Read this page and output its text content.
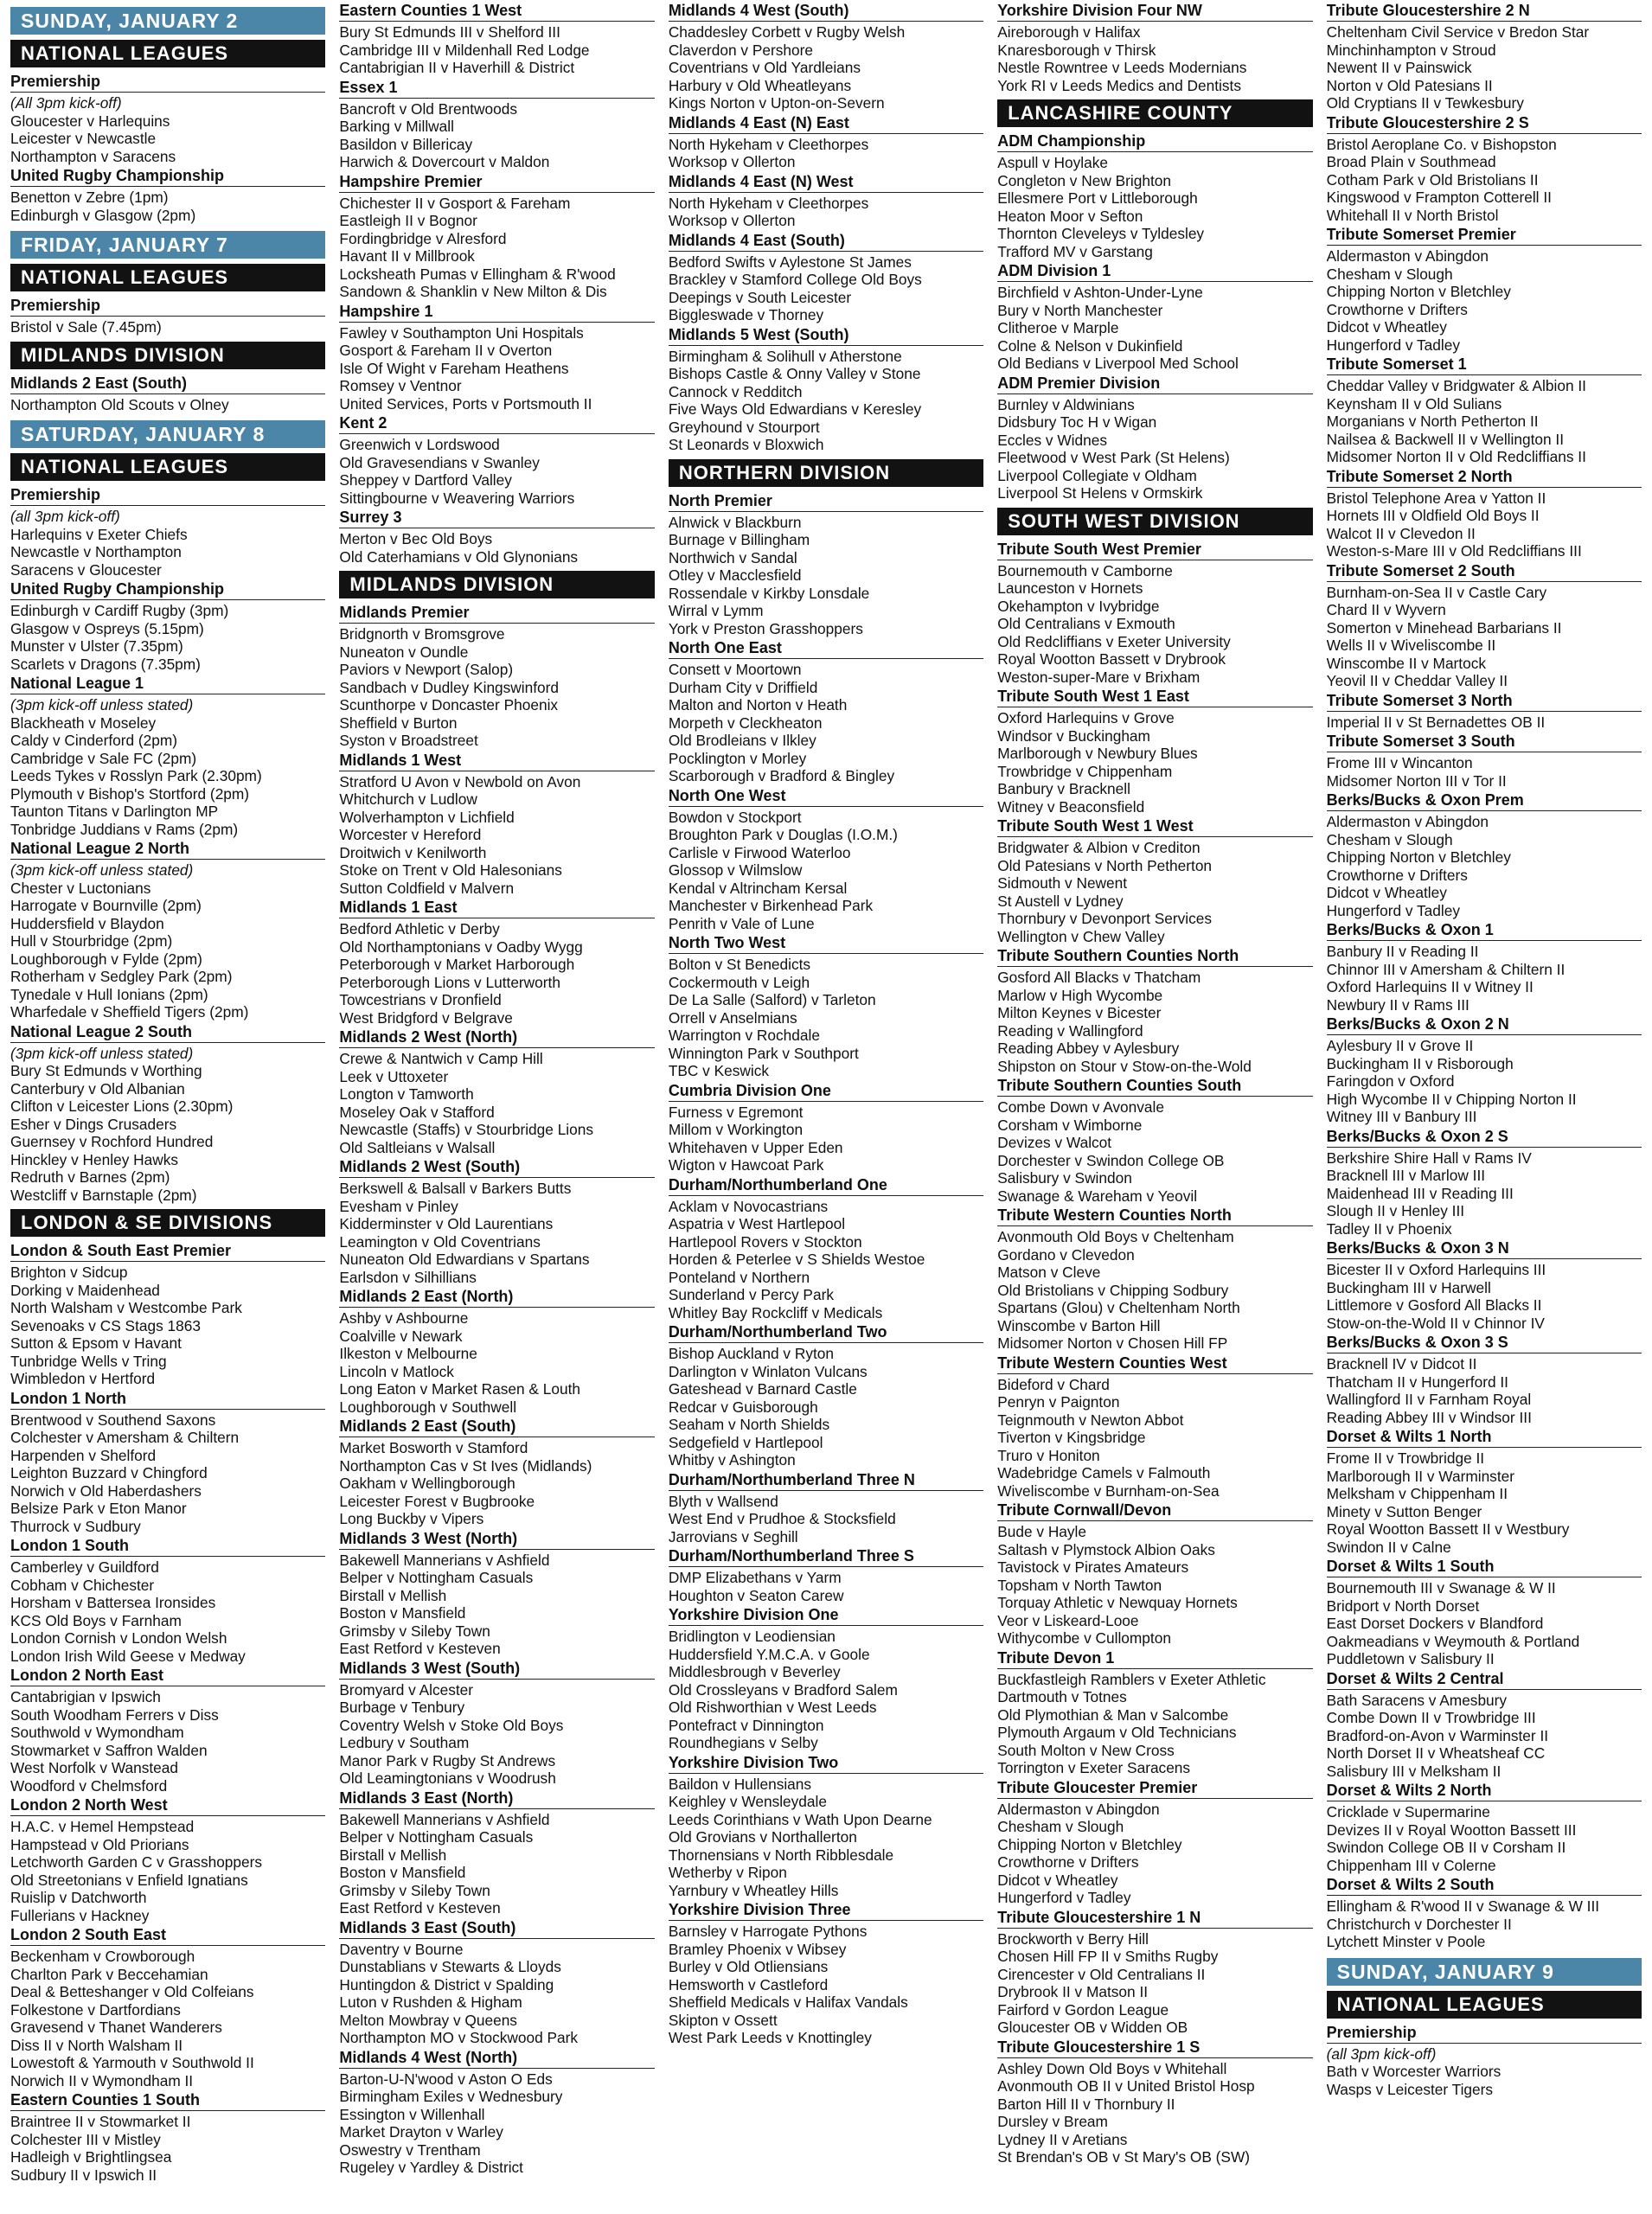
SUNDAY, JANUARY 2
NATIONAL LEAGUES
Premiership
(All 3pm kick-off)
Gloucester v Harlequins
Leicester v Newcastle
Northampton v Saracens
United Rugby Championship
Benetton v Zebre (1pm)
Edinburgh v Glasgow (2pm)
FRIDAY, JANUARY 7
NATIONAL LEAGUES
Premiership
Bristol v Sale (7.45pm)
MIDLANDS DIVISION
Midlands 2 East (South)
Northampton Old Scouts v Olney
SATURDAY, JANUARY 8
NATIONAL LEAGUES
Premiership
(all 3pm kick-off)
Harlequins v Exeter Chiefs
Newcastle v Northampton
Saracens v Gloucester
United Rugby Championship
Edinburgh v Cardiff Rugby (3pm)
Glasgow v Ospreys (5.15pm)
Munster v Ulster (7.35pm)
Scarlets v Dragons (7.35pm)
National League 1
(3pm kick-off unless stated)
Blackheath v Moseley
Caldy v Cinderford (2pm)
Cambridge v Sale FC (2pm)
Leeds Tykes v Rosslyn Park (2.30pm)
Plymouth v Bishop's Stortford (2pm)
Taunton Titans v Darlington MP
Tonbridge Juddians v Rams (2pm)
National League 2 North
(3pm kick-off unless stated)
Chester v Luctonians
Harrogate v Bournville (2pm)
Huddersfield v Blaydon
Hull v Stourbridge (2pm)
Loughborough v Fylde (2pm)
Rotherham v Sedgley Park (2pm)
Tynedale v Hull Ionians (2pm)
Wharfedale v Sheffield Tigers (2pm)
National League 2 South
(3pm kick-off unless stated)
Bury St Edmunds v Worthing
Canterbury v Old Albanian
Clifton v Leicester Lions (2.30pm)
Esher v Dings Crusaders
Guernsey v Rochford Hundred
Hinckley v Henley Hawks
Redruth v Barnes (2pm)
Westcliff v Barnstaple (2pm)
LONDON & SE DIVISIONS
London & South East Premier
Brighton v Sidcup
Dorking v Maidenhead
North Walsham v Westcombe Park
Sevenoaks v CS Stags 1863
Sutton & Epsom v Havant
Tunbridge Wells v Tring
Wimbledon v Hertford
London 1 North
Brentwood v Southend Saxons
Colchester v Amersham & Chiltern
Harpenden v Shelford
Leighton Buzzard v Chingford
Norwich v Old Haberdashers
Belsize Park v Eton Manor
Thurrock v Sudbury
London 1 South
Camberley v Guildford
Cobham v Chichester
Horsham v Battersea Ironsides
KCS Old Boys v Farnham
London Cornish v London Welsh
London Irish Wild Geese v Medway
London 2 North East
Cantabrigian v Ipswich
South Woodham Ferrers v Diss
Southwold v Wymondham
Stowmarket v Saffron Walden
West Norfolk v Wanstead
Woodford v Chelmsford
London 2 North West
H.A.C. v Hemel Hempstead
Hampstead v Old Priorians
Letchworth Garden C v Grasshoppers
Old Streetonians v Enfield Ignatians
Ruislip v Datchworth
Fullerians v Hackney
London 2 South East
Beckenham v Crowborough
Charlton Park v Beccehamian
Deal & Betteshanger v Old Colfeians
Folkestone v Dartfordians
Gravesend v Thanet Wanderers
Diss II v North Walsham II
Lowestoft & Yarmouth v Southwold II
Norwich II v Wymondham II
Eastern Counties 1 South
Braintree II v Stowmarket II
Colchester III v Mistley
Hadleigh v Brightlingsea
Sudbury II v Ipswich II
Eastern Counties 1 West
Bury St Edmunds III v Shelford III
Cambridge III v Mildenhall Red Lodge
Cantabrigian II v Haverhill & District
Essex 1
Bancroft v Old Brentwoods
Barking v Millwall
Basildon v Billericay
Harwich & Dovercourt v Maldon
Hampshire Premier
Chichester II v Gosport & Fareham
Eastleigh II v Bognor
Fordingbridge v Alresford
Havant II v Millbrook
Locksheath Pumas v Ellingham & R'wood
Sandown & Shanklin v New Milton & Dis
Hampshire 1
Fawley v Southampton Uni Hospitals
Gosport & Fareham II v Overton
Isle Of Wight v Fareham Heathens
Romsey v Ventnor
United Services, Ports v Portsmouth II
Kent 2
Greenwich v Lordswood
Old Gravesendians v Swanley
Sheppey v Dartford Valley
Sittingbourne v Weavering Warriors
Surrey 3
Merton v Bec Old Boys
Old Caterhamians v Old Glynonians
MIDLANDS DIVISION
Midlands Premier
Bridgnorth v Bromsgrove
Nuneaton v Oundle
Paviors v Newport (Salop)
Sandbach v Dudley Kingswinford
Scunthorpe v Doncaster Phoenix
Sheffield v Burton
Syston v Broadstreet
Midlands 1 West
Stratford U Avon v Newbold on Avon
Whitchurch v Ludlow
Wolverhampton v Lichfield
Worcester v Hereford
Droitwich v Kenilworth
Stoke on Trent v Old Halesonians
Sutton Coldfield v Malvern
Midlands 1 East
Bedford Athletic v Derby
Old Northamptonians v Oadby Wygg
Peterborough v Market Harborough
Peterborough Lions v Lutterworth
Towcestrians v Dronfield
West Bridgford v Belgrave
Midlands 2 West (North)
Crewe & Nantwich v Camp Hill
Leek v Uttoxeter
Longton v Tamworth
Moseley Oak v Stafford
Newcastle (Staffs) v Stourbridge Lions
Old Saltleians v Walsall
Midlands 2 West (South)
Berkswell & Balsall v Barkers Butts
Evesham v Pinley
Kidderminster v Old Laurentians
Leamington v Old Coventrians
Nuneaton Old Edwardians v Spartans
Earlsdon v Silhillians
Midlands 2 East (North)
Ashby v Ashbourne
Coalville v Newark
Ilkeston v Melbourne
Lincoln v Matlock
Long Eaton v Market Rasen & Louth
Loughborough v Southwell
Midlands 2 East (South)
Market Bosworth v Stamford
Northampton Cas v St Ives (Midlands)
Oakham v Wellingborough
Leicester Forest v Bugbrooke
Long Buckby v Vipers
Midlands 3 West (North)
Bakewell Mannerians v Ashfield
Belper v Nottingham Casuals
Birstall v Mellish
Boston v Mansfield
Grimsby v Sileby Town
East Retford v Kesteven
Midlands 3 West (South)
Bromyard v Alcester
Burbage v Tenbury
Coventry Welsh v Stoke Old Boys
Ledbury v Southam
Manor Park v Rugby St Andrews
Old Leamingtonians v Woodrush
Midlands 3 East (North)
Bakewell Mannerians v Ashfield
Belper v Nottingham Casuals
Birstall v Mellish
Boston v Mansfield
Grimsby v Sileby Town
East Retford v Kesteven
Midlands 3 East (South)
Daventry v Bourne
Dunstablians v Stewarts & Lloyds
Huntingdon & District v Spalding
Luton v Rushden & Higham
Melton Mowbray v Queens
Northampton MO v Stockwood Park
Midlands 4 West (North)
Barton-U-N'wood v Aston O Eds
Birmingham Exiles v Wednesbury
Essington v Willenhall
Market Drayton v Warley
Oswestry v Trentham
Rugeley v Yardley & District
Midlands 4 West (South)
Chaddesley Corbett v Rugby Welsh
Claverdon v Pershore
Coventrians v Old Yardleians
Harbury v Old Wheatleyans
Kings Norton v Upton-on-Severn
Midlands 4 East (N) East
North Hykeham v Cleethorpes
Worksop v Ollerton
Midlands 4 East (N) West
North Hykeham v Cleethorpes
Worksop v Ollerton
Midlands 4 East (South)
Bedford Swifts v Aylestone St James
Brackley v Stamford College Old Boys
Deepings v South Leicester
Biggleswade v Thorney
Midlands 5 West (South)
Birmingham & Solihull v Atherstone
Bishops Castle & Onny Valley v Stone
Cannock v Redditch
Five Ways Old Edwardians v Keresley
Greyhound v Stourport
St Leonards v Bloxwich
NORTHERN DIVISION
North Premier
Alnwick v Blackburn
Burnage v Billingham
Northwich v Sandal
Otley v Macclesfield
Rossendale v Kirkby Lonsdale
Wirral v Lymm
York v Preston Grasshoppers
North One East
Consett v Moortown
Durham City v Driffield
Malton and Norton v Heath
Morpeth v Cleckheaton
Old Brodleians v Ilkley
Pocklington v Morley
Scarborough v Bradford & Bingley
North One West
Bowdon v Stockport
Broughton Park v Douglas (I.O.M.)
Carlisle v Firwood Waterloo
Glossop v Wilmslow
Kendal v Altrincham Kersal
Manchester v Birkenhead Park
Penrith v Vale of Lune
North Two West
Bolton v St Benedicts
Cockermouth v Leigh
De La Salle (Salford) v Tarleton
Orrell v Anselmians
Warrington v Rochdale
Winnington Park v Southport
TBC v Keswick
Cumbria Division One
Furness v Egremont
Millom v Workington
Whitehaven v Upper Eden
Wigton v Hawcoat Park
Durham/Northumberland One
Acklam v Novocastrians
Aspatria v West Hartlepool
Hartlepool Rovers v Stockton
Horden & Peterlee v S Shields Westoe
Ponteland v Northern
Sunderland v Percy Park
Whitley Bay Rockcliff v Medicals
Durham/Northumberland Two
Bishop Auckland v Ryton
Darlington v Winlaton Vulcans
Gateshead v Barnard Castle
Redcar v Guisborough
Seaham v North Shields
Sedgefield v Hartlepool
Whitby v Ashington
Durham/Northumberland Three N
Blyth v Wallsend
West End v Prudhoe & Stocksfield
Jarrovians v Seghill
Durham/Northumberland Three S
DMP Elizabethans v Yarm
Houghton v Seaton Carew
Yorkshire Division One
Bridlington v Leodiensian
Huddersfield Y.M.C.A. v Goole
Middlesbrough v Beverley
Old Crossleyans v Bradford Salem
Old Rishworthian v West Leeds
Pontefract v Dinnington
Roundhegians v Selby
Yorkshire Division Two
Baildon v Hullensians
Keighley v Wensleydale
Leeds Corinthians v Wath Upon Dearne
Old Grovians v Northallerton
Thornensians v North Ribblesdale
Wetherby v Ripon
Yarnbury v Wheatley Hills
Yorkshire Division Three
Barnsley v Harrogate Pythons
Bramley Phoenix v Wibsey
Burley v Old Otliensians
Hemsworth v Castleford
Sheffield Medicals v Halifax Vandals
Skipton v Ossett
West Park Leeds v Knottingley
Yorkshire Division Four NW
Aireborough v Halifax
Knaresborough v Thirsk
Nestle Rowntree v Leeds Modernians
York RI v Leeds Medics and Dentists
LANCASHIRE COUNTY
ADM Championship
Aspull v Hoylake
Congleton v New Brighton
Ellesmere Port v Littleborough
Heaton Moor v Sefton
Thornton Cleveleys v Tyldesley
Trafford MV v Garstang
ADM Division 1
Birchfield v Ashton-Under-Lyne
Bury v North Manchester
Clitheroe v Marple
Colne & Nelson v Dukinfield
Old Bedians v Liverpool Med School
ADM Premier Division
Burnley v Aldwinians
Didsbury Toc H v Wigan
Eccles v Widnes
Fleetwood v West Park (St Helens)
Liverpool Collegiate v Oldham
Liverpool St Helens v Ormskirk
SOUTH WEST DIVISION
Tribute South West Premier
Bournemouth v Camborne
Launceston v Hornets
Okehampton v Ivybridge
Old Centralians v Exmouth
Old Redcliffians v Exeter University
Royal Wootton Bassett v Drybrook
Weston-super-Mare v Brixham
Tribute South West 1 East
Oxford Harlequins v Grove
Windsor v Buckingham
Marlborough v Newbury Blues
Trowbridge v Chippenham
Banbury v Bracknell
Witney v Beaconsfield
Tribute South West 1 West
Bridgwater & Albion v Crediton
Old Patesians v North Petherton
Sidmouth v Newent
St Austell v Lydney
Thornbury v Devonport Services
Wellington v Chew Valley
Tribute Southern Counties North
Gosford All Blacks v Thatcham
Marlow v High Wycombe
Milton Keynes v Bicester
Reading v Wallingford
Reading Abbey v Aylesbury
Shipston on Stour v Stow-on-the-Wold
Tribute Southern Counties South
Combe Down v Avonvale
Corsham v Wimborne
Devizes v Walcot
Dorchester v Swindon College OB
Salisbury v Swindon
Swanage & Wareham v Yeovil
Tribute Western Counties North
Avonmouth Old Boys v Cheltenham
Gordano v Clevedon
Matson v Cleve
Old Bristolians v Chipping Sodbury
Spartans (Glou) v Cheltenham North
Winscombe v Barton Hill
Midsomer Norton v Chosen Hill FP
Tribute Western Counties West
Bideford v Chard
Penryn v Paignton
Teignmouth v Newton Abbot
Tiverton v Kingsbridge
Truro v Honiton
Wadebridge Camels v Falmouth
Wiveliscombe v Burnham-on-Sea
Tribute Cornwall/Devon
Bude v Hayle
Saltash v Plymstock Albion Oaks
Tavistock v Pirates Amateurs
Topsham v North Tawton
Torquay Athletic v Newquay Hornets
Veor v Liskeard-Looe
Withycombe v Cullompton
Tribute Devon 1
Buckfastleigh Ramblers v Exeter Athletic
Dartmouth v Totnes
Old Plymothian & Man v Salcombe
Plymouth Argaum v Old Technicians
South Molton v New Cross
Torrington v Exeter Saracens
Tribute Gloucester Premier
Aldermaston v Abingdon
Chesham v Slough
Chipping Norton v Bletchley
Crowthorne v Drifters
Didcot v Wheatley
Hungerford v Tadley
Tribute Gloucestershire 1 N
Brockworth v Berry Hill
Chosen Hill FP II v Smiths Rugby
Cirencester v Old Centralians II
Drybrook II v Matson II
Fairford v Gordon League
Gloucester OB v Widden OB
Tribute Gloucestershire 1 S
Ashley Down Old Boys v Whitehall
Avonmouth OB II v United Bristol Hosp
Barton Hill II v Thornbury II
Dursley v Bream
Lydney II v Aretians
St Brendan's OB v St Mary's OB (SW)
Tribute Gloucestershire 2 N
Cheltenham Civil Service v Bredon Star
Minchinhampton v Stroud
Newent II v Painswick
Norton v Old Patesians II
Old Cryptians II v Tewkesbury
Tribute Gloucestershire 2 S
Bristol Aeroplane Co. v Bishopston
Broad Plain v Southmead
Cotham Park v Old Bristolians II
Kingswood v Frampton Cotterell II
Whitehall II v North Bristol
Tribute Somerset Premier
Aldermaston v Abingdon
Chesham v Slough
Chipping Norton v Bletchley
Crowthorne v Drifters
Didcot v Wheatley
Hungerford v Tadley
Tribute Somerset 1
Cheddar Valley v Bridgwater & Albion II
Keynsham II v Old Sulians
Morganians v North Petherton II
Nailsea & Backwell II v Wellington II
Midsomer Norton II v Old Redcliffians II
Tribute Somerset 2 North
Bristol Telephone Area v Yatton II
Hornets III v Oldfield Old Boys II
Walcot II v Clevedon II
Weston-s-Mare III v Old Redcliffians III
Tribute Somerset 2 South
Burnham-on-Sea II v Castle Cary
Chard II v Wyvern
Somerton v Minehead Barbarians II
Wells II v Wiveliscombe II
Winscombe II v Martock
Yeovil II v Cheddar Valley II
Tribute Somerset 3 North
Imperial II v St Bernadettes OB II
Tribute Somerset 3 South
Frome III v Wincanton
Midsomer Norton III v Tor II
Berks/Bucks & Oxon Prem
Aldermaston v Abingdon
Chesham v Slough
Chipping Norton v Bletchley
Crowthorne v Drifters
Didcot v Wheatley
Hungerford v Tadley
Berks/Bucks & Oxon 1
Banbury II v Reading II
Chinnor III v Amersham & Chiltern II
Oxford Harlequins II v Witney II
Newbury II v Rams III
Berks/Bucks & Oxon 2 N
Aylesbury II v Grove II
Buckingham II v Risborough
Faringdon v Oxford
High Wycombe II v Chipping Norton II
Witney III v Banbury III
Berks/Bucks & Oxon 2 S
Berkshire Shire Hall v Rams IV
Bracknell III v Marlow III
Maidenhead III v Reading III
Slough II v Henley III
Tadley II v Phoenix
Berks/Bucks & Oxon 3 N
Bicester II v Oxford Harlequins III
Buckingham III v Harwell
Littlemore v Gosford All Blacks II
Stow-on-the-Wold II v Chinnor IV
Berks/Bucks & Oxon 3 S
Bracknell IV v Didcot II
Thatcham II v Hungerford II
Wallingford II v Farnham Royal
Reading Abbey III v Windsor III
Dorset & Wilts 1 North
Frome II v Trowbridge II
Marlborough II v Warminster
Melksham v Chippenham II
Minety v Sutton Benger
Royal Wootton Bassett II v Westbury
Swindon II v Calne
Dorset & Wilts 1 South
Bournemouth III v Swanage & W II
Bridport v North Dorset
East Dorset Dockers v Blandford
Oakmeadians v Weymouth & Portland
Puddletown v Salisbury II
Dorset & Wilts 2 Central
Bath Saracens v Amesbury
Combe Down II v Trowbridge III
Bradford-on-Avon v Warminster II
North Dorset II v Wheatsheaf CC
Salisbury III v Melksham II
Dorset & Wilts 2 North
Cricklade v Supermarine
Devizes II v Royal Wootton Bassett III
Swindon College OB II v Corsham II
Chippenham III v Colerne
Dorset & Wilts 2 South
Ellingham & R'wood II v Swanage & W III
Christchurch v Dorchester II
Lytchett Minster v Poole
SUNDAY, JANUARY 9
NATIONAL LEAGUES
Premiership
(all 3pm kick-off)
Bath v Worcester Warriors
Wasps v Leicester Tigers
